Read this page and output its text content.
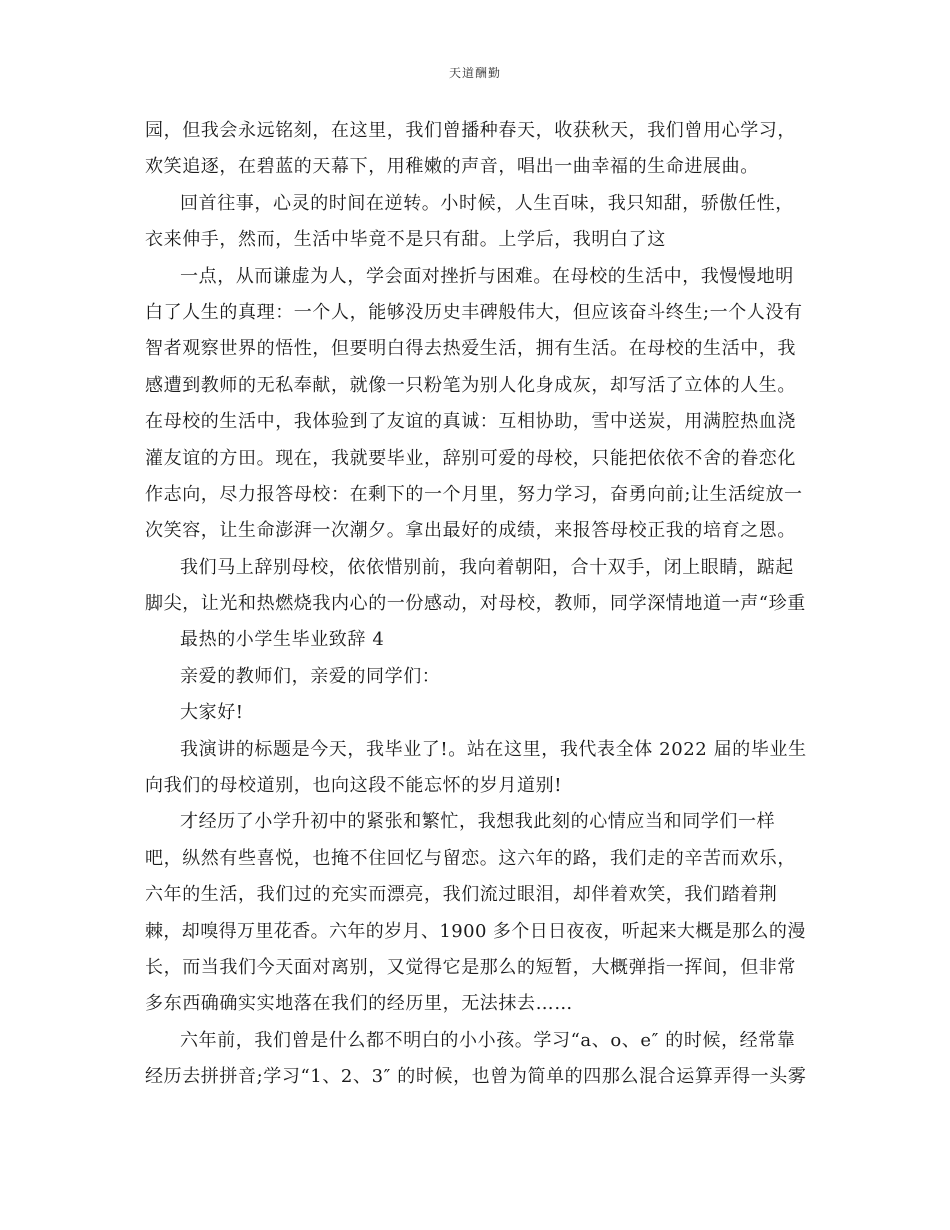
天道酬勤
园，但我会永远铭刻，在这里，我们曾播种春天，收获秋天，我们曾用心学习，
欢笑追逐，在碧蓝的天幕下，用稚嫩的声音，唱出一曲幸福的生命进展曲。
回首往事，心灵的时间在逆转。小时候，人生百味，我只知甜，骄傲任性，
衣来伸手，然而，生活中毕竟不是只有甜。上学后，我明白了这
一点，从而谦虚为人，学会面对挫折与困难。在母校的生活中，我慢慢地明
白了人生的真理：一个人，能够没历史丰碑般伟大，但应该奋斗终生;一个人没有
智者观察世界的悟性，但要明白得去热爱生活，拥有生活。在母校的生活中，我
感遭到教师的无私奉献，就像一只粉笔为别人化身成灰，却写活了立体的人生。
在母校的生活中，我体验到了友谊的真诚：互相协助，雪中送炭，用满腔热血浇
灌友谊的方田。现在，我就要毕业，辞别可爱的母校，只能把依依不舍的眷恋化
作志向，尽力报答母校：在剩下的一个月里，努力学习，奋勇向前;让生活绽放一
次笑容，让生命澎湃一次潮夕。拿出最好的成绩，来报答母校正我的培育之恩。
我们马上辞别母校，依依惜别前，我向着朝阳，合十双手，闭上眼睛，踮起
脚尖，让光和热燃烧我内心的一份感动，对母校，教师，同学深情地道一声“珍重
最热的小学生毕业致辞 4
亲爱的教师们，亲爱的同学们：
大家好!
我演讲的标题是今天，我毕业了!。站在这里，我代表全体 2022 届的毕业生
向我们的母校道别，也向这段不能忘怀的岁月道别!
才经历了小学升初中的紧张和繁忙，我想我此刻的心情应当和同学们一样
吧，纵然有些喜悦，也掩不住回忆与留恋。这六年的路，我们走的辛苦而欢乐，
六年的生活，我们过的充实而漂亮，我们流过眼泪，却伴着欢笑，我们踏着荆
棘，却嗅得万里花香。六年的岁月、1900 多个日日夜夜，听起来大概是那么的漫
长，而当我们今天面对离别，又觉得它是那么的短暂，大概弹指一挥间，但非常
多东西确确实实地落在我们的经历里，无法抹去……
六年前，我们曾是什么都不明白的小小孩。学习“a、o、e″ 的时候，经常靠
经历去拼拼音;学习“1、2、3″ 的时候，也曾为简单的四那么混合运算弄得一头雾
